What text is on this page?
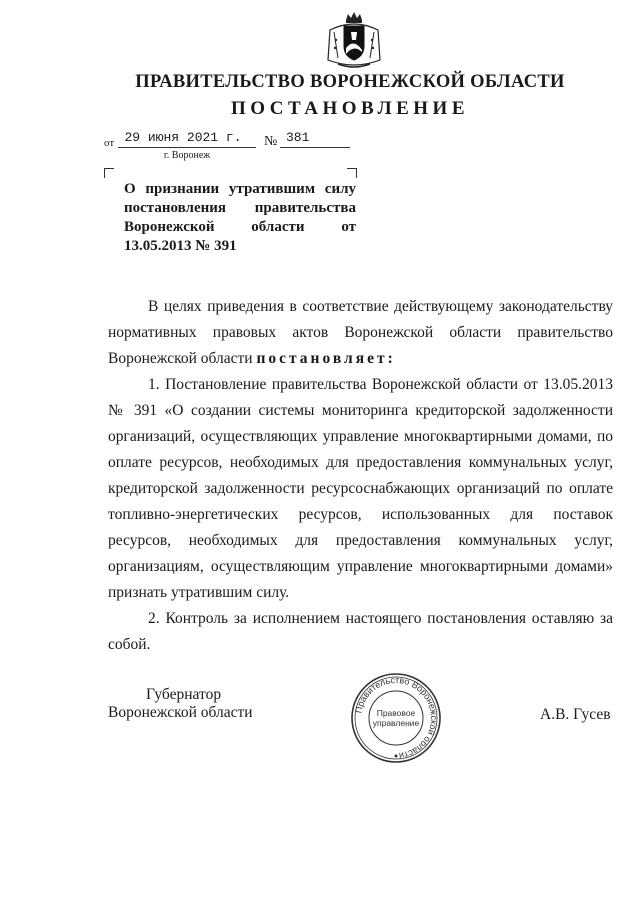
ПРАВИТЕЛЬСТВО ВОРОНЕЖСКОЙ ОБЛАСТИ
ПОСТАНОВЛЕНИЕ
от 29 июня 2021 г.	№ 381
г. Воронеж
О признании утратившим силу
постановления правительства
Воронежской области от
13.05.2013 № 391

В целях приведения в соответствие действующему законодательству нормативных правовых актов Воронежской области правительство Воронежской области постановляет:

1. Постановление правительства Воронежской области от 13.05.2013 № 391 «О создании системы мониторинга кредиторской задолженности организаций, осуществляющих управление многоквартирными домами, по оплате ресурсов, необходимых для предоставления коммунальных услуг, кредиторской задолженности ресурсоснабжающих организаций по оплате топливно-энергетических ресурсов, использованных для поставок ресурсов, необходимых для предоставления коммунальных услуг, организациям, осуществляющим управление многоквартирными домами» признать утратившим силу.

2. Контроль за исполнением настоящего постановления оставляю за собой.

Губернатор
Воронежской области	Правительство Воронежской области
Правовое
управление	А.В. Гусев
